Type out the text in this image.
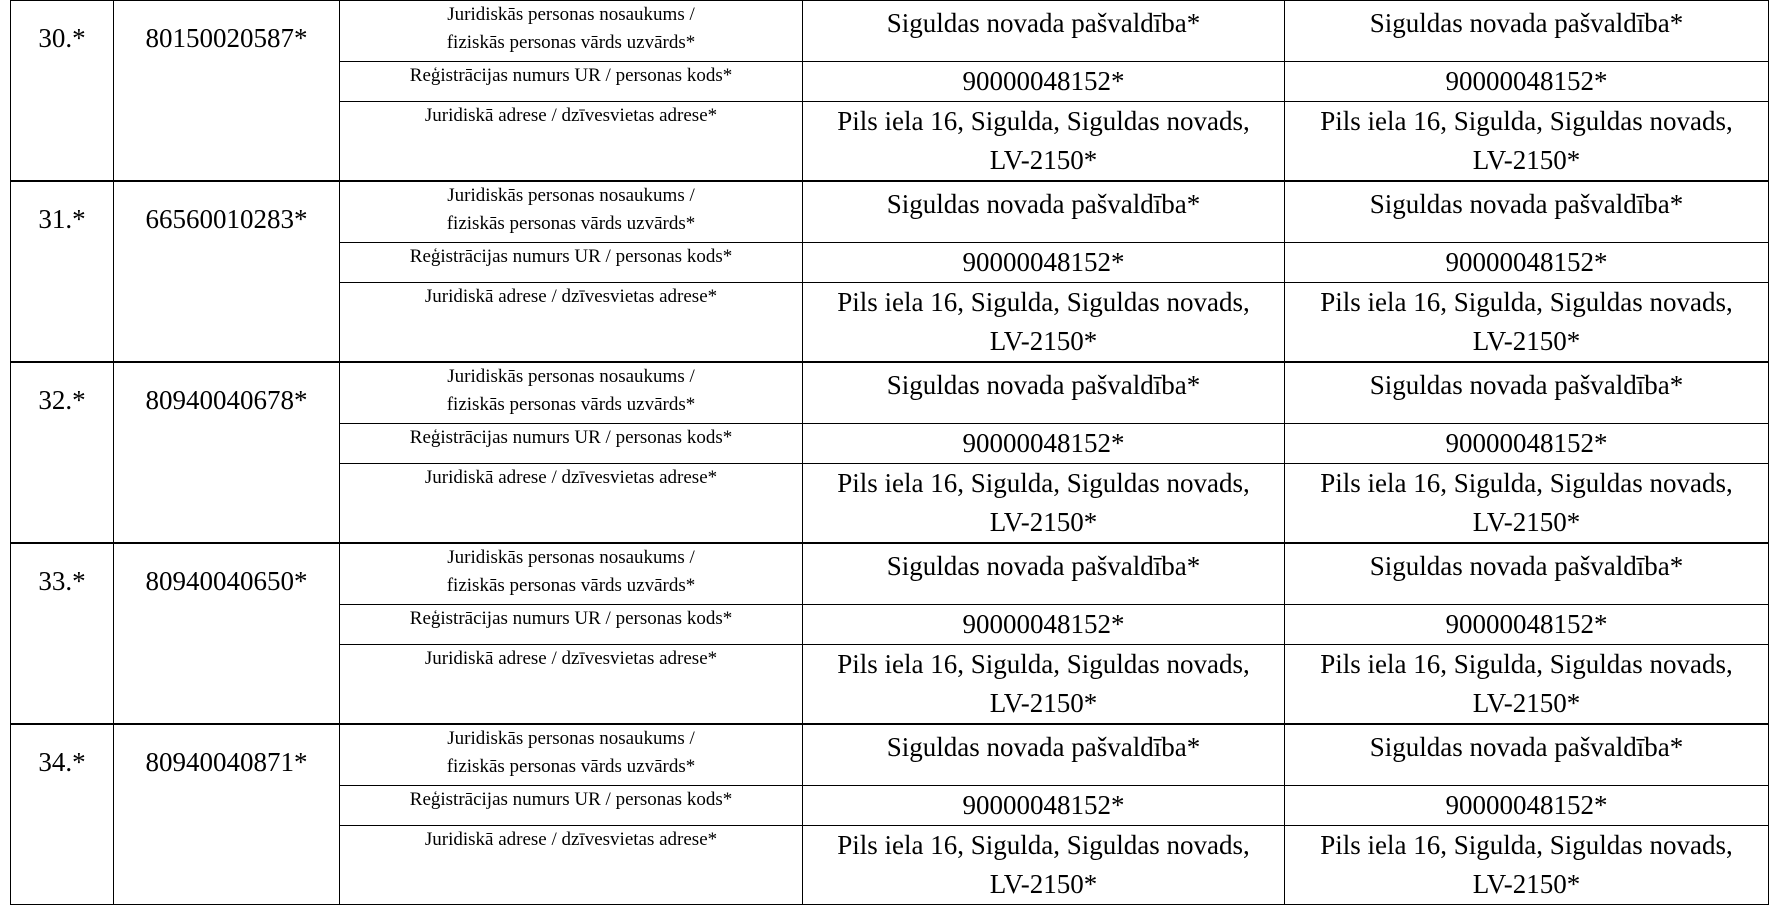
30.*	80150020587*	Juridiskās personas nosaukums /
fiziskās personas vārds uzvārds*	Siguldas novada pašvaldība*	Siguldas novada pašvaldība*

		Reģistrācijas numurs UR / personas kods*	90000048152*	90000048152*
		Juridiskā adrese / dzīvesvietas adrese*	Pils iela 16, Sigulda, Siguldas novads,
LV-2150*	Pils iela 16, Sigulda, Siguldas novads,
LV-2150*

31.*	66560010283*	Juridiskās personas nosaukums /
fiziskās personas vārds uzvārds*	Siguldas novada pašvaldība*	Siguldas novada pašvaldība*

		Reģistrācijas numurs UR / personas kods*	90000048152*	90000048152*
		Juridiskā adrese / dzīvesvietas adrese*	Pils iela 16, Sigulda, Siguldas novads,
LV-2150*	Pils iela 16, Sigulda, Siguldas novads,
LV-2150*

32.*	80940040678*	Juridiskās personas nosaukums /
fiziskās personas vārds uzvārds*	Siguldas novada pašvaldība*	Siguldas novada pašvaldība*

		Reģistrācijas numurs UR / personas kods*	90000048152*	90000048152*
		Juridiskā adrese / dzīvesvietas adrese*	Pils iela 16, Sigulda, Siguldas novads,
LV-2150*	Pils iela 16, Sigulda, Siguldas novads,
LV-2150*

33.*	80940040650*	Juridiskās personas nosaukums /
fiziskās personas vārds uzvārds*	Siguldas novada pašvaldība*	Siguldas novada pašvaldība*

		Reģistrācijas numurs UR / personas kods*	90000048152*	90000048152*
		Juridiskā adrese / dzīvesvietas adrese*	Pils iela 16, Sigulda, Siguldas novads,
LV-2150*	Pils iela 16, Sigulda, Siguldas novads,
LV-2150*

34.*	80940040871*	Juridiskās personas nosaukums /
fiziskās personas vārds uzvārds*	Siguldas novada pašvaldība*	Siguldas novada pašvaldība*

		Reģistrācijas numurs UR / personas kods*	90000048152*	90000048152*
		Juridiskā adrese / dzīvesvietas adrese*	Pils iela 16, Sigulda, Siguldas novads,
LV-2150*	Pils iela 16, Sigulda, Siguldas novads,
LV-2150*
